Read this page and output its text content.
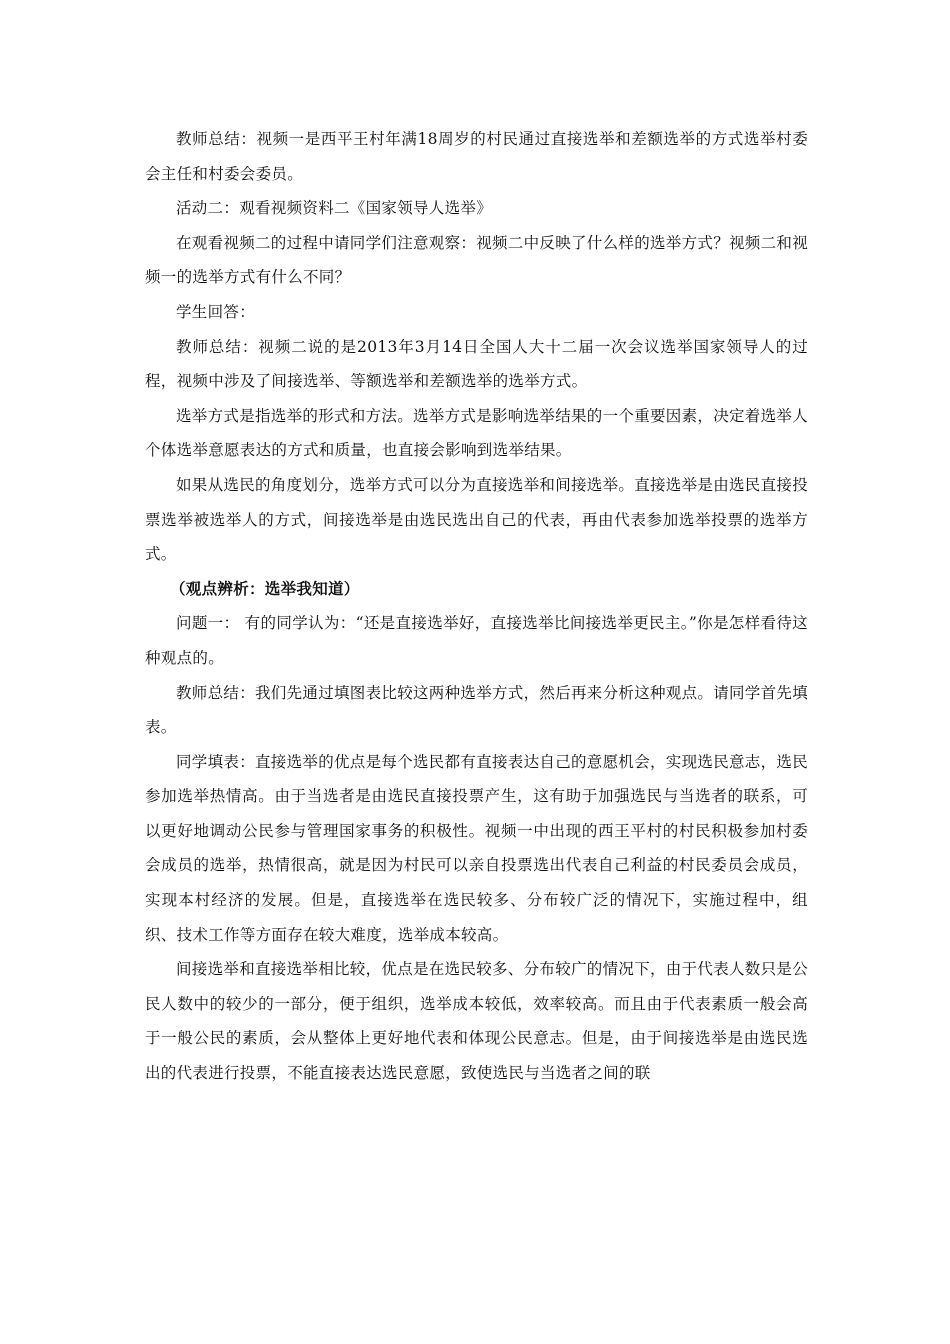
教师总结：视频一是西平王村年满18周岁的村民通过直接选举和差额选举的方式选举村委会主任和村委会委员。

活动二：观看视频资料二《国家领导人选举》

在观看视频二的过程中请同学们注意观察：视频二中反映了什么样的选举方式？视频二和视频一的选举方式有什么不同？

学生回答：

教师总结：视频二说的是2013年3月14日全国人大十二届一次会议选举国家领导人的过程，视频中涉及了间接选举、等额选举和差额选举的选举方式。

选举方式是指选举的形式和方法。选举方式是影响选举结果的一个重要因素，决定着选举人个体选举意愿表达的方式和质量，也直接会影响到选举结果。

如果从选民的角度划分，选举方式可以分为直接选举和间接选举。直接选举是由选民直接投票选举被选举人的方式，间接选举是由选民选出自己的代表，再由代表参加选举投票的选举方式。

（观点辨析：选举我知道）

问题一： 有的同学认为：“还是直接选举好，直接选举比间接选举更民主。”你是怎样看待这种观点的。

教师总结：我们先通过填图表比较这两种选举方式，然后再来分析这种观点。请同学首先填表。

同学填表：直接选举的优点是每个选民都有直接表达自己的意愿机会，实现选民意志，选民参加选举热情高。由于当选者是由选民直接投票产生，这有助于加强选民与当选者的联系，可以更好地调动公民参与管理国家事务的积极性。视频一中出现的西王平村的村民积极参加村委会成员的选举，热情很高，就是因为村民可以亲自投票选出代表自己利益的村民委员会成员，实现本村经济的发展。但是，直接选举在选民较多、分布较广泛的情况下，实施过程中，组织、技术工作等方面存在较大难度，选举成本较高。

间接选举和直接选举相比较，优点是在选民较多、分布较广的情况下，由于代表人数只是公民人数中的较少的一部分，便于组织，选举成本较低，效率较高。而且由于代表素质一般会高于一般公民的素质，会从整体上更好地代表和体现公民意志。但是，由于间接选举是由选民选出的代表进行投票，不能直接表达选民意愿，致使选民与当选者之间的联
